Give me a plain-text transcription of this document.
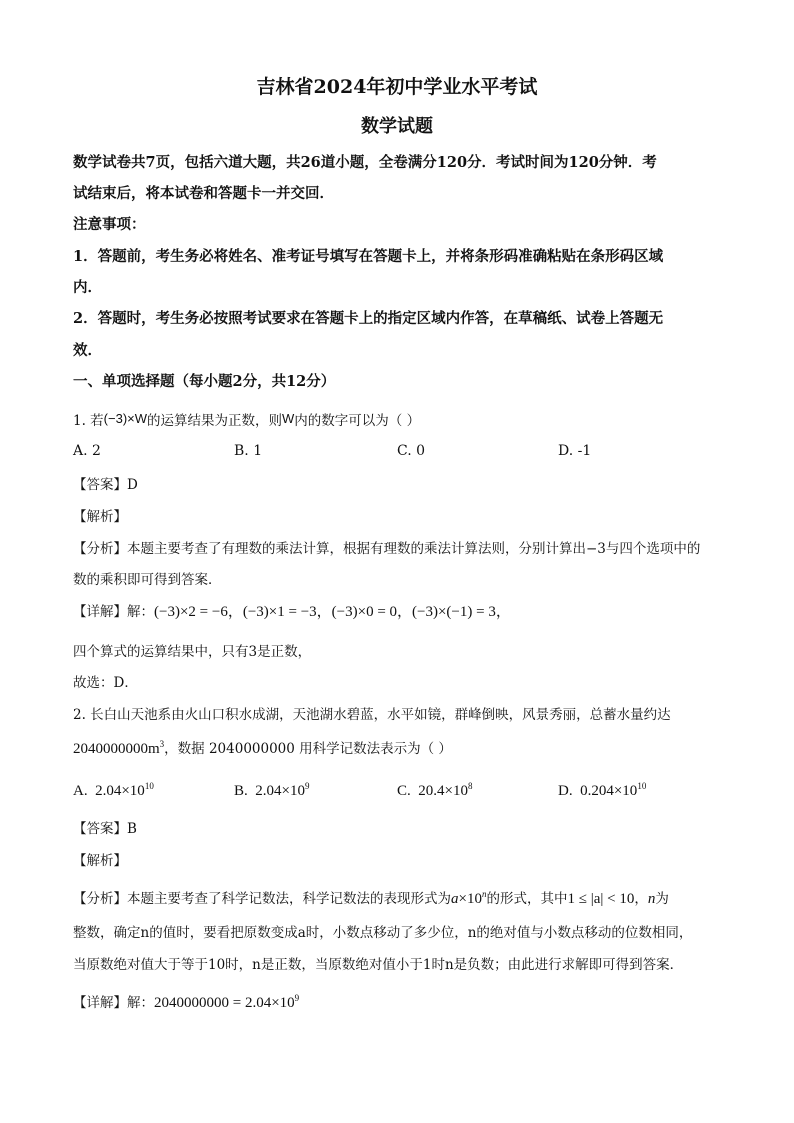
吉林省2024年初中学业水平考试
数学试题
数学试卷共7页，包括六道大题，共26道小题，全卷满分120分．考试时间为120分钟．考
试结束后，将本试卷和答题卡一并交回．
注意事项：
1．答题前，考生务必将姓名、准考证号填写在答题卡上，并将条形码准确粘贴在条形码区域
内．
2．答题时，考生务必按照考试要求在答题卡上的指定区域内作答，在草稿纸、试卷上答题无
效．
一、单项选择题（每小题2分，共12分）
1. 若(−3)×W的运算结果为正数，则W内的数字可以为（ ）
A. 2	B. 1	C. 0	D. -1
【答案】D
【解析】
【分析】本题主要考查了有理数的乘法计算，根据有理数的乘法计算法则，分别计算出−3与四个选项中的
数的乘积即可得到答案．
【详解】解：(−3)×2 = −6，(−3)×1 = −3，(−3)×0 = 0，(−3)×(−1) = 3，
四个算式的运算结果中，只有3是正数，
故选：D．
2. 长白山天池系由火山口积水成湖，天池湖水碧蓝，水平如镜，群峰倒映，风景秀丽，总蓄水量约达
$2040000000m^3$，数据 2040000000 用科学记数法表示为（ ）
A. $2.04\times 10^{10}$	B. $2.04\times 10^9$	C. $20.4\times 10^8$	D. $0.204\times 10^{10}$
【答案】B
【解析】
【分析】本题主要考查了科学记数法，科学记数法的表现形式为$a\times 10^n$的形式，其中1 ≤ |a| < 10，n为
整数，确定n的值时，要看把原数变成a时，小数点移动了多少位，n的绝对值与小数点移动的位数相同，
当原数绝对值大于等于10时，n是正数，当原数绝对值小于1时n是负数；由此进行求解即可得到答案．
【详解】解：$2040000000 = 2.04\times 10^9$
